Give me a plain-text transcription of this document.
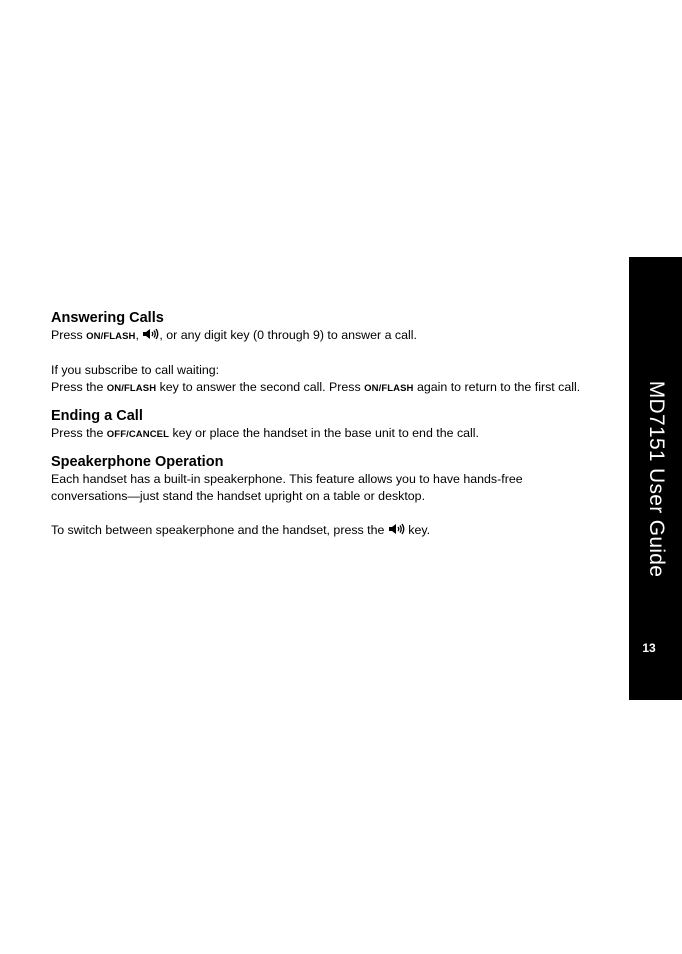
Answering Calls

Press ON/FLASH, , or any digit key (0 through 9) to answer a call.

If you subscribe to call waiting:

Press the ON/FLASH key to answer the second call. Press ON/FLASH again to return to the first call.

Ending a Call

Press the OFF/CANCEL key or place the handset in the base unit to end the call.

Speakerphone Operation

Each handset has a built-in speakerphone. This feature allows you to have hands-free conversations—just stand the handset upright on a table or desktop.

To switch between speakerphone and the handset, press the  key.	MD7151 User Guide
13
